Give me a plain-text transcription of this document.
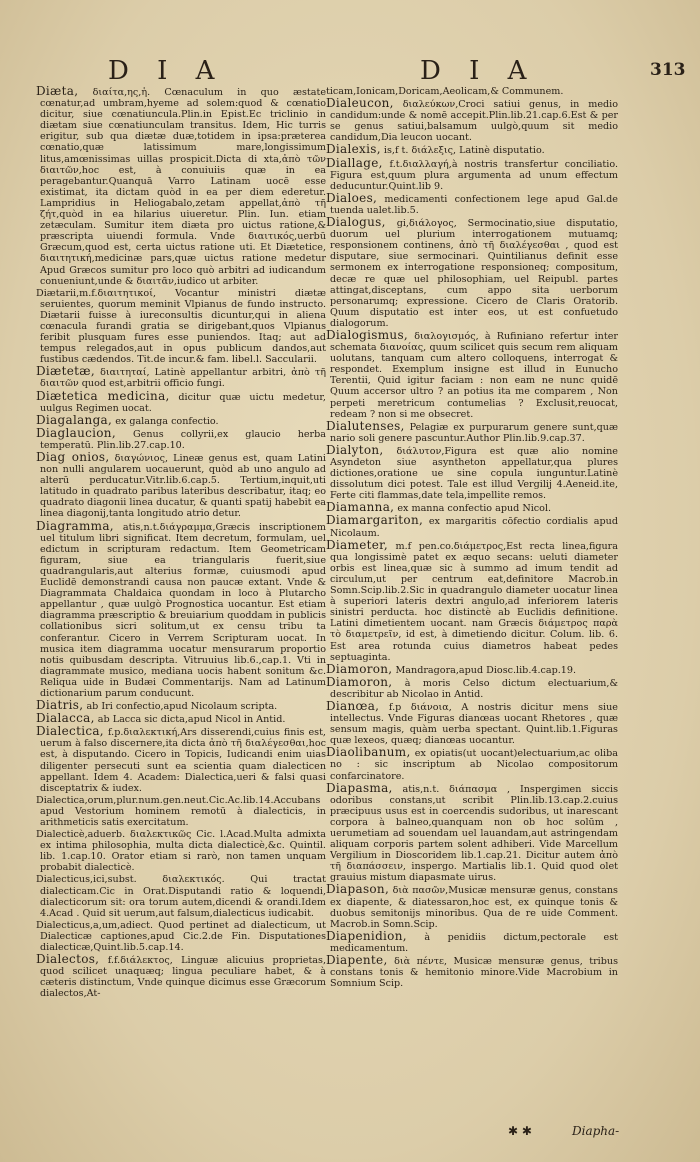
D I A	D I A	313
Diæta, διαίτα,ης,ἡ. Cœnaculum in quo æstate cœnatur,ad umbram,hyeme ad solem:quod & cœnatio dicitur, siue cœnatiuncula.Plin.in Epist.Ec triclinio in diætam siue cœnatiunculam transitus. Idem, Hic turris erigitur, sub qua diætæ duæ,totidem in ipsa:præterea cœnatio,quæ latissimum mare,longissimum litus,amœnissimas uillas prospicit.Dicta di xta,ἀπὸ τῶν διαιτῶν,hoc est, à conuiuiis quæ in ea peragebantur.Quanquā Varro Latinam uocē esse existimat, ita dictam quòd in ea per diem ederetur. Lampridius in Heliogabalo,zetam appellat,ἀπὸ τῆ ζήτ,quòd in ea hilarius uiueretur. Plin. Iun. etiam zetæculam. Sumitur item diæta pro uictus ratione,& præscripta uiuendi formula. Vnde διαιτικός,uerbū Græcum,quod est, certa uictus ratione uti. Et Diætetice, διαιτητική,medicinæ pars,quæ uictus ratione medetur Apud Græcos sumitur pro loco quò arbitri ad iudicandum conueniunt,unde & διαιτᾶν,iudico ut arbiter.
Diætarii,m.f.διαιτητικοί, Vocantur ministri diætæ seruientes, quorum meminit Vlpianus de fundo instructo. Diætarii fuisse à iureconsultis dicuntur,qui in aliena cœnacula furandi gratia se dirigebant,quos Vlpianus feribit plusquam fures esse puniendos. Itaq; aut ad tempus relegados,aut in opus publicum dandos,aut fustibus cædendos. Tit.de incur.& fam. libel.l. Saccularii.
Diætetæ, διαιτηταί, Latinè appellantur arbitri, ἀπὸ τῆ διαιτῶν quod est,arbitrii officio fungi.
Diætetica medicina, dicitur quæ uictu medetur, uulgus Regimen uocat.
Diagalanga, ex galanga confectio.
Diaglaucion, Genus collyrii,ex glaucio herba temperatū. Plin.lib.27.cap.10.
Diag onios, διαγώνιος, Lineæ genus est, quam Latini non nulli angularem uocauerunt, quòd ab uno angulo ad alterū perducatur.Vitr.lib.6.cap.5. Tertium,inquit,uti latitudo in quadrato paribus lateribus describatur, itaq; eo quadrato diagonii linea ducatur, & quanti spatij habebit ea linea diagonij,tanta longitudo atrio detur.
Diagramma, atis,n.t.διάγραμμα,Græcis inscriptionem uel titulum libri significat. Item decretum, formulam, uel edictum in scripturam redactum. Item Geometricam figuram, siue ea triangularis fuerit,siue quadrangularis,aut alterius formæ, cuiusmodi apud Euclidē demonstrandi causa non paucæ extant. Vnde & Diagrammata Chaldaica quondam in loco à Plutarcho appellantur , quæ uulgò Prognostica uocantur. Est etiam diagramma præscriptio & breuiarium quoddam in publicis collationibus sicri solitum,ut ex censu tribu ta conferantur. Cicero in Verrem Scripturam uocat. In musica item diagramma uocatur mensurarum proportio notis quibusdam descripta. Vitruuius lib.6.,cap.1. Vti in diagrammate musico, mediana uocis habent sonitum &c. Reliqua uide in Budæi Commentarijs. Nam ad Latinum dictionarium parum conducunt.
Diatris, ab Iri confectio,apud Nicolaum scripta.
Dialacca, ab Lacca sic dicta,apud Nicol in Antid.
Dialectica, f.p.διαλεκτική,Ars disserendi,cuius finis est, uerum à falso discernere,ita dicta ἀπὸ τῆ διαλέγεσθαι,hoc est, à disputando. Cicero in Topicis, Iudicandi enim uias diligenter persecuti sunt ea scientia quam dialecticen appellant. Idem 4. Academ: Dialectica,ueri & falsi quasi disceptatrix & iudex.
Dialectica,orum,plur.num.gen.neut.Cic.Ac.lib.14.Accubans apud Vestorium hominem remotū à dialecticis, in arithmeticis satis exercitatum.
Dialecticè,aduerb. διαλεκτικῶς Cic. l.Acad.Multa admixta ex intima philosophia, multa dicta dialecticè,&c. Quintil. lib. 1.cap.10. Orator etiam si rarò, non tamen unquam probabit dialecticè.
Dialecticus,ici,subst. διαλεκτικός. Qui tractat dialecticam.Cic in Orat.Disputandi ratio & loquendi, dialecticorum sit: ora torum autem,dicendi & orandi.Idem 4.Acad . Quid sit uerum,aut falsum,dialecticus iudicabit.
Dialecticus,a,um,adiect. Quod pertinet ad dialecticum, ut Dialecticæ captiones,apud Cic.2.de Fin. Disputationes dialecticæ,Quint.lib.5.cap.14.
Dialectos, f.f.διάλεκτος, Linguæ alicuius proprietas, quod scilicet unaquæq; lingua peculiare habet, & à cæteris distinctum, Vnde quinque dicimus esse Græcorum dialectos,At-
ticam,Ionicam,Doricam,Aeolicam,& Communem.
Dialeucon, διαλεύκων,Croci satiui genus, in medio candidum:unde & nomē accepit.Plin.lib.21.cap.6.Est & per se genus satiui,balsamum uulgò,quum sit medio candidum,Dia leucon uocant.
Dialexis, is,f t. διάλεξις, Latinè disputatio.
Diallage, f.t.διαλλαγή,à nostris transfertur conciliatio. Figura est,quum plura argumenta ad unum effectum deducuntur.Quint.lib 9.
Dialoes, medicamenti confectionem lege apud Gal.de tuenda ualet.lib.5.
Dialogus, gi,διάλογος, Sermocinatio,siue disputatio, duorum uel plurium interrogationem mutuamq; responsionem continens, ἀπὸ τῆ διαλέγεσθαι , quod est disputare, siue sermocinari. Quintilianus definit esse sermonem ex interrogatione responsioneq; compositum, decæ re quæ uel philosophiam, uel Reipubl. partes attingat,disceptans, cum appo sita uerborum personarumq; expressione. Cicero de Claris Oratorib. Quum disputatio est inter eos, ut est confuetudo dialogorum.
Dialogismus, διαλογισμός, à Rufiniano refertur inter schemata διανοίας, quum scilicet quis secum rem aliquam uolutans, tanquam cum altero colloquens, interrogat & respondet. Exemplum insigne est illud in Eunucho Terentii, Quid igitur faciam : non eam ne nunc quidē Quum accersor ultro ? an potius ita me comparem , Non perpeti meretricum contumelias ? Exclusit,reuocat, redeam ? non si me obsecret.
Dialutenses, Pelagiæ ex purpurarum genere sunt,quæ nario soli genere pascuntur.Author Plin.lib.9.cap.37.
Dialyton, διάλυτον,Figura est quæ alio nomine Asyndeton siue asyntheton appellatur,qua plures dictiones,oratione ue sine copula iunguntur.Latinè dissolutum dici potest. Tale est illud Vergilij 4.Aeneid.ite, Ferte citi flammas,date tela,impellite remos.
Diamanna, ex manna confectio apud Nicol.
Diamargariton, ex margaritis cōfectio cordialis apud Nicolaum.
Diameter, m.f pen.co.διάμετρος,Est recta linea,figura qua longissimè patet ex æquo secans: ueluti diameter orbis est linea,quæ sic à summo ad imum tendit ad circulum,ut per centrum eat,definitore Macrob.in Somn.Scip.lib.2.Sic in quadrangulo diameter uocatur linea à superiori lateris dextri angulo,ad inferiorem lateris sinistri perducta. hoc distinctè ab Euclidis definitione. Latini dimetientem uocant. nam Græcis διάμετρος παρὰ τὸ διαμετρεῖν, id est, à dimetiendo dicitur. Colum. lib. 6. Est area rotunda cuius diametros habeat pedes septuaginta.
Diamoron, Mandragora,apud Diosc.lib.4.cap.19.
Diamoron, à moris Celso dictum electuarium,& describitur ab Nicolao in Antid.
Dianœa, f.p διάνοια, A nostris dicitur mens siue intellectus. Vnde Figuras dianœas uocant Rhetores , quæ sensum magis, quàm uerba spectant. Quint.lib.1.Figuras quæ lexeos, quæq; dianœas uocantur.
Diaolibanum, ex opiatis(ut uocant)electuarium,ac oliba no : sic inscriptum ab Nicolao compositorum confarcinatore.
Diapasma, atis,n.t. διάπασμα , Inspergimen siccis odoribus constans,ut scribit Plin.lib.13.cap.2.cuius præcipuus usus est in coercendis sudoribus, ut inarescant corpora à balneo,quanquam non ob hoc solūm , uerumetiam ad souendam uel lauandam,aut astringendam aliquam corporis partem solent adhiberi. Vide Marcellum Vergilium in Dioscoridem lib.1.cap.21. Dicitur autem ἀπὸ τῆ διαπάσσειν, inspergo. Martialis lib.1. Quid quod olet grauius mistum diapasmate uirus.
Diapason, διὰ πασῶν,Musicæ mensuræ genus, constans ex diapente, & diatessaron,hoc est, ex quinque tonis & duobus semitonijs minoribus. Qua de re uide Comment. Macrob.in Somn.Scip.
Diapenidion, à penidiis dictum,pectorale est medicamentum.
Diapente, διὰ πέντε, Musicæ mensuræ genus, tribus constans tonis & hemitonio minore.Vide Macrobium in Somnium Scip.
✱ ✱	Diapha-
